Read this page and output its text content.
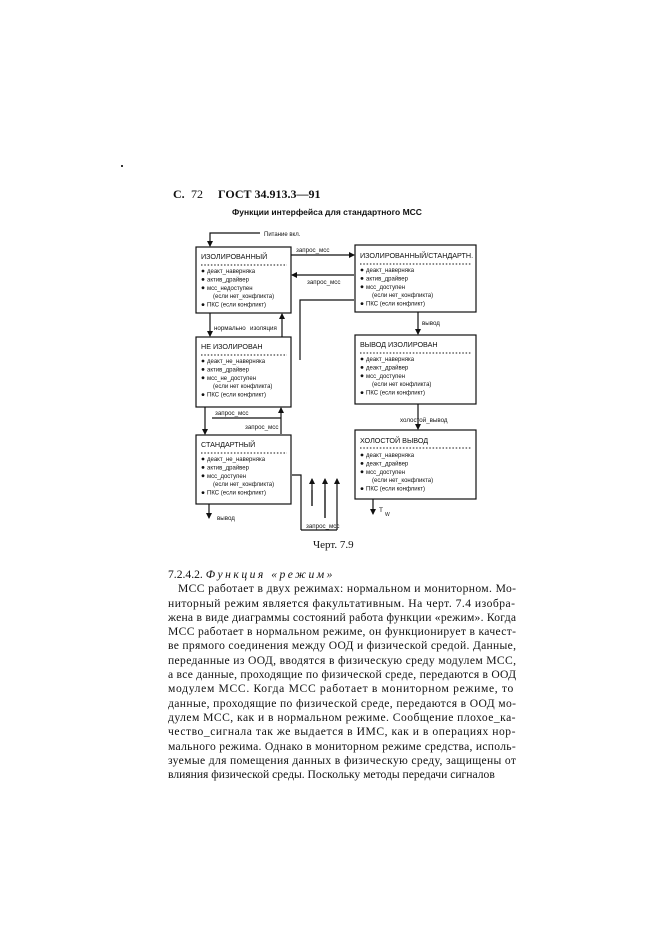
С. 72 ГОСТ 34.913.3—91
Функции интерфейса для стандартного МСС
Питание вкл.
запрос_мсс
запрос_мсс
нормально изоляция
вывод
запрос_мсс
запрос_мсс
холостой_вывод
вывод
запрос_мсс
T
W
ИЗОЛИРОВАННЫЙ
деакт_наверняка
актив_драйвер
мсс_недоступен
(если нет_конфликта)
ПКС (если конфликт)
ИЗОЛИРОВАННЫЙ/СТАНДАРТН.
деакт_наверняка
актив_драйвер
мсс_доступен
(если нет_конфликта)
ПКС (если конфликт)
НЕ ИЗОЛИРОВАН
деакт_не_наверняка
актив_драйвер
мсс_не_доступен
(если нет конфликта)
ПКС (если конфликт)
ВЫВОД ИЗОЛИРОВАН
деакт_наверняка
деакт_драйвер
мсс_доступен
(если нет конфликта)
ПКС (если конфликт)
СТАНДАРТНЫЙ
деакт_не_наверняка
актив_драйвер
мсс_доступен
(если нет_конфликта)
ПКС (если конфликт)
ХОЛОСТОЙ ВЫВОД
деакт_наверняка
деакт_драйвер
мсс_доступен
(если нет_конфликта)
ПКС (если конфликт)
Черт. 7.9
7.2.4.2. Функция «режим»
МСС работает в двух режимах: нормальном и мониторном. Мо-
ниторный режим является факультативным. На черт. 7.4 изобра-
жена в виде диаграммы состояний работа функции «режим». Когда
МСС работает в нормальном режиме, он функционирует в качест-
ве прямого соединения между ООД и физической средой. Данные,
переданные из ООД, вводятся в физическую среду модулем МСС,
а все данные, проходящие по физической среде, передаются в ООД
модулем МСС. Когда МСС работает в мониторном режиме, то
данные, проходящие по физической среде, передаются в ООД мо-
дулем МСС, как и в нормальном режиме. Сообщение плохое_ка-
чество_сигнала так же выдается в ИМС, как и в операциях нор-
мального режима. Однако в мониторном режиме средства, исполь-
зуемые для помещения данных в физическую среду, защищены от
влияния физической среды. Поскольку методы передачи сигналов
